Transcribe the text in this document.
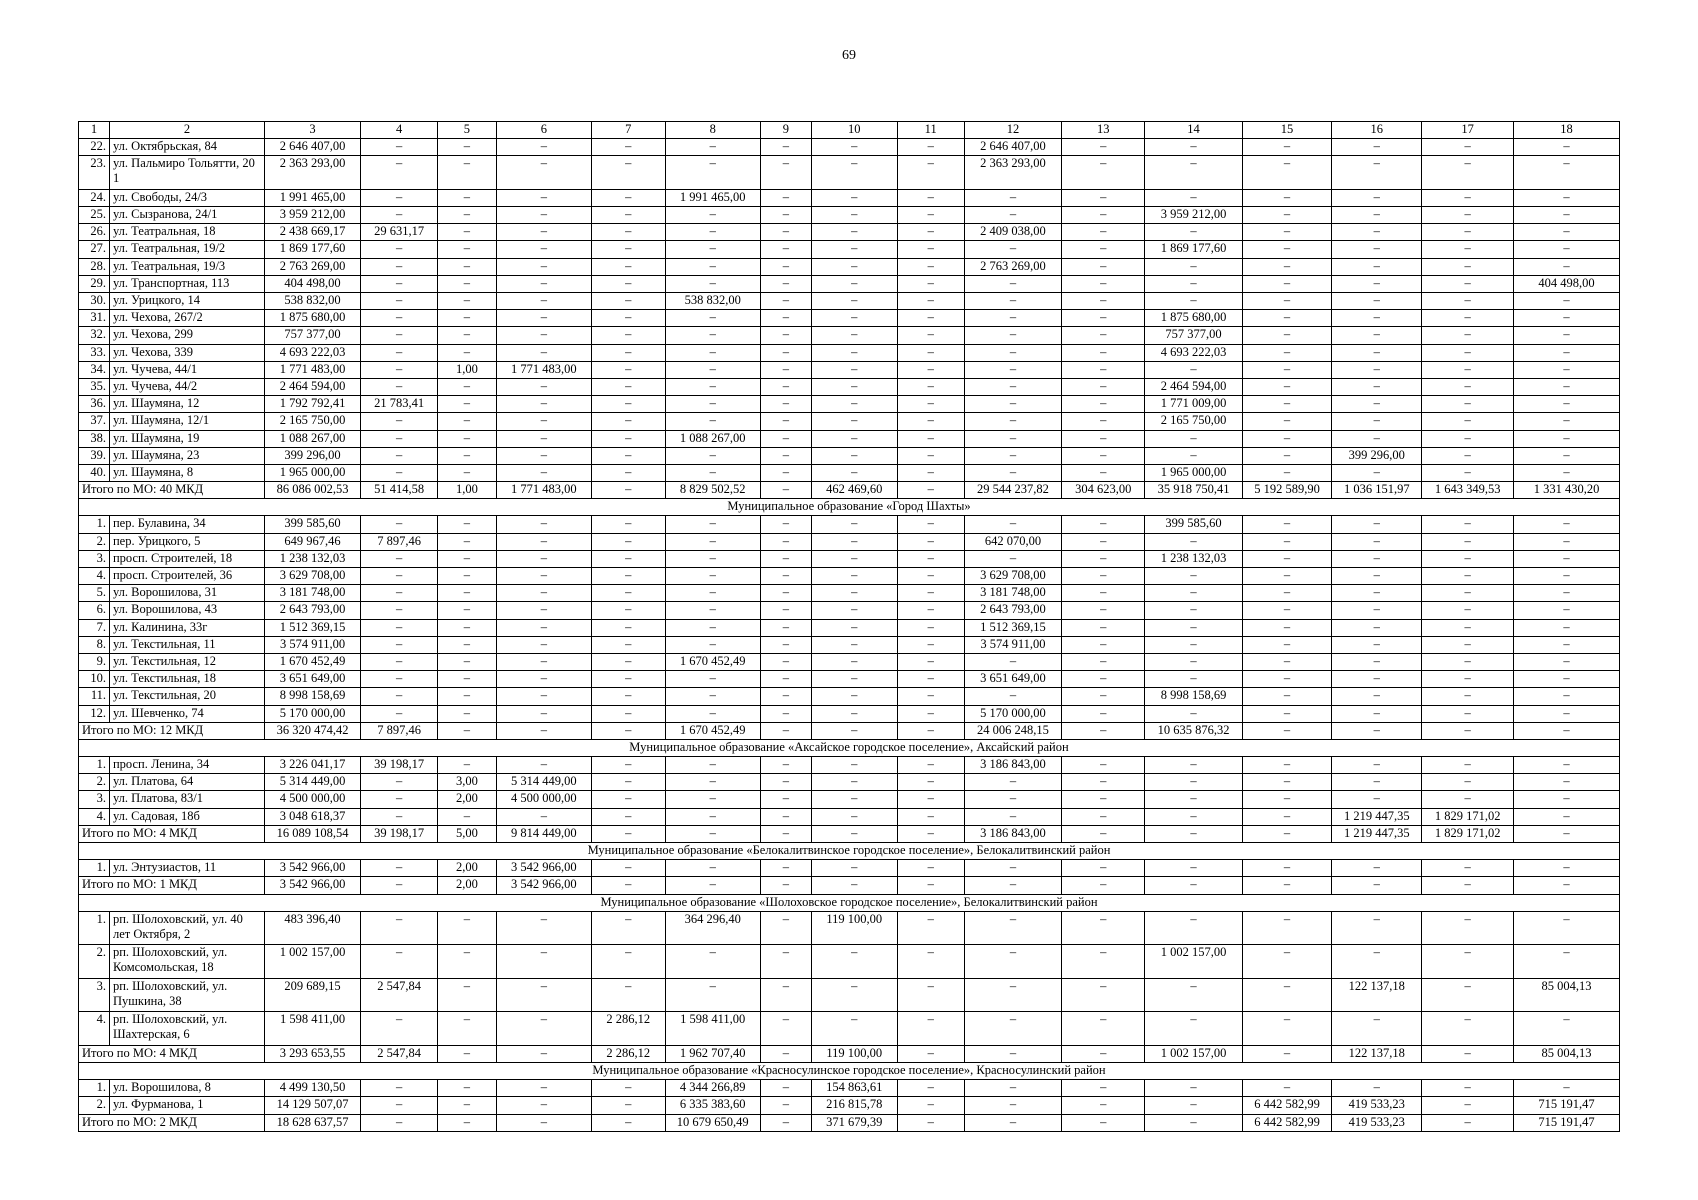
69
1	2	3	4	5	6	7	8	9	10	11	12	13	14	15	16	17	18
22.	ул. Октябрьская, 84	2 646 407,00	–	–	–	–	–	–	–	–	2 646 407,00	–	–	–	–	–	–
23.	ул. Пальмиро Тольятти, 20 1	2 363 293,00	–	–	–	–	–	–	–	–	2 363 293,00	–	–	–	–	–	–
24.	ул. Свободы, 24/3	1 991 465,00	–	–	–	–	1 991 465,00	–	–	–	–	–	–	–	–	–	–
25.	ул. Сызранова, 24/1	3 959 212,00	–	–	–	–	–	–	–	–	–	–	3 959 212,00	–	–	–	–
26.	ул. Театральная, 18	2 438 669,17	29 631,17	–	–	–	–	–	–	–	2 409 038,00	–	–	–	–	–	–
27.	ул. Театральная, 19/2	1 869 177,60	–	–	–	–	–	–	–	–	–	–	1 869 177,60	–	–	–	–
28.	ул. Театральная, 19/3	2 763 269,00	–	–	–	–	–	–	–	–	2 763 269,00	–	–	–	–	–	–
29.	ул. Транспортная, 113	404 498,00	–	–	–	–	–	–	–	–	–	–	–	–	–	–	404 498,00
30.	ул. Урицкого, 14	538 832,00	–	–	–	–	538 832,00	–	–	–	–	–	–	–	–	–	–
31.	ул. Чехова, 267/2	1 875 680,00	–	–	–	–	–	–	–	–	–	–	1 875 680,00	–	–	–	–
32.	ул. Чехова, 299	757 377,00	–	–	–	–	–	–	–	–	–	–	757 377,00	–	–	–	–
33.	ул. Чехова, 339	4 693 222,03	–	–	–	–	–	–	–	–	–	–	4 693 222,03	–	–	–	–
34.	ул. Чучева, 44/1	1 771 483,00	–	1,00	1 771 483,00	–	–	–	–	–	–	–	–	–	–	–	–
35.	ул. Чучева, 44/2	2 464 594,00	–	–	–	–	–	–	–	–	–	–	2 464 594,00	–	–	–	–
36.	ул. Шаумяна, 12	1 792 792,41	21 783,41	–	–	–	–	–	–	–	–	–	1 771 009,00	–	–	–	–
37.	ул. Шаумяна, 12/1	2 165 750,00	–	–	–	–	–	–	–	–	–	–	2 165 750,00	–	–	–	–
38.	ул. Шаумяна, 19	1 088 267,00	–	–	–	–	1 088 267,00	–	–	–	–	–	–	–	–	–	–
39.	ул. Шаумяна, 23	399 296,00	–	–	–	–	–	–	–	–	–	–	–	–	399 296,00	–	–
40.	ул. Шаумяна, 8	1 965 000,00	–	–	–	–	–	–	–	–	–	–	1 965 000,00	–	–	–	–
Итого по МО: 40 МКД		86 086 002,53	51 414,58	1,00	1 771 483,00	–	8 829 502,52	–	462 469,60	–	29 544 237,82	304 623,00	35 918 750,41	5 192 589,90	1 036 151,97	1 643 349,53	1 331 430,20
Муниципальное образование «Город Шахты»																	
1.	пер. Булавина, 34	399 585,60	–	–	–	–	–	–	–	–	–	–	399 585,60	–	–	–	–
2.	пер. Урицкого, 5	649 967,46	7 897,46	–	–	–	–	–	–	–	642 070,00	–	–	–	–	–	–
3.	просп. Строителей, 18	1 238 132,03	–	–	–	–	–	–	–	–	–	–	1 238 132,03	–	–	–	–
4.	просп. Строителей, 36	3 629 708,00	–	–	–	–	–	–	–	–	3 629 708,00	–	–	–	–	–	–
5.	ул. Ворошилова, 31	3 181 748,00	–	–	–	–	–	–	–	–	3 181 748,00	–	–	–	–	–	–
6.	ул. Ворошилова, 43	2 643 793,00	–	–	–	–	–	–	–	–	2 643 793,00	–	–	–	–	–	–
7.	ул. Калинина, 33г	1 512 369,15	–	–	–	–	–	–	–	–	1 512 369,15	–	–	–	–	–	–
8.	ул. Текстильная, 11	3 574 911,00	–	–	–	–	–	–	–	–	3 574 911,00	–	–	–	–	–	–
9.	ул. Текстильная, 12	1 670 452,49	–	–	–	–	1 670 452,49	–	–	–	–	–	–	–	–	–	–
10.	ул. Текстильная, 18	3 651 649,00	–	–	–	–	–	–	–	–	3 651 649,00	–	–	–	–	–	–
11.	ул. Текстильная, 20	8 998 158,69	–	–	–	–	–	–	–	–	–	–	8 998 158,69	–	–	–	–
12.	ул. Шевченко, 74	5 170 000,00	–	–	–	–	–	–	–	–	5 170 000,00	–	–	–	–	–	–
Итого по МО: 12 МКД		36 320 474,42	7 897,46	–	–	–	1 670 452,49	–	–	–	24 006 248,15	–	10 635 876,32	–	–	–	–
Муниципальное образование «Аксайское городское поселение», Аксайский район																	
1.	просп. Ленина, 34	3 226 041,17	39 198,17	–	–	–	–	–	–	–	3 186 843,00	–	–	–	–	–	–
2.	ул. Платова, 64	5 314 449,00	–	3,00	5 314 449,00	–	–	–	–	–	–	–	–	–	–	–	–
3.	ул. Платова, 83/1	4 500 000,00	–	2,00	4 500 000,00	–	–	–	–	–	–	–	–	–	–	–	–
4.	ул. Садовая, 18б	3 048 618,37	–	–	–	–	–	–	–	–	–	–	–	–	1 219 447,35	1 829 171,02	–
Итого по МО: 4 МКД		16 089 108,54	39 198,17	5,00	9 814 449,00	–	–	–	–	–	3 186 843,00	–	–	–	1 219 447,35	1 829 171,02	–
Муниципальное образование «Белокалитвинское городское поселение», Белокалитвинский район																	
1.	ул. Энтузиастов, 11	3 542 966,00	–	2,00	3 542 966,00	–	–	–	–	–	–	–	–	–	–	–	–
Итого по МО: 1 МКД		3 542 966,00	–	2,00	3 542 966,00	–	–	–	–	–	–	–	–	–	–	–	–
Муниципальное образование «Шолоховское городское поселение», Белокалитвинский район																	
1.	рп. Шолоховский, ул. 40 лет Октября, 2	483 396,40	–	–	–	–	364 296,40	–	119 100,00	–	–	–	–	–	–	–	–
2.	рп. Шолоховский, ул. Комсомольская, 18	1 002 157,00	–	–	–	–	–	–	–	–	–	–	1 002 157,00	–	–	–	–
3.	рп. Шолоховский, ул. Пушкина, 38	209 689,15	2 547,84	–	–	–	–	–	–	–	–	–	–	–	122 137,18	–	85 004,13
4.	рп. Шолоховский, ул. Шахтерская, 6	1 598 411,00	–	–	–	2 286,12	1 598 411,00	–	–	–	–	–	–	–	–	–	–
Итого по МО: 4 МКД		3 293 653,55	2 547,84	–	–	2 286,12	1 962 707,40	–	119 100,00	–	–	–	1 002 157,00	–	122 137,18	–	85 004,13
Муниципальное образование «Красносулинское городское поселение», Красносулинский район																	
1.	ул. Ворошилова, 8	4 499 130,50	–	–	–	–	4 344 266,89	–	154 863,61	–	–	–	–	–	–	–	–
2.	ул. Фурманова, 1	14 129 507,07	–	–	–	–	6 335 383,60	–	216 815,78	–	–	–	–	6 442 582,99	419 533,23	–	715 191,47
Итого по МО: 2 МКД		18 628 637,57	–	–	–	–	10 679 650,49	–	371 679,39	–	–	–	–	6 442 582,99	419 533,23	–	715 191,47
